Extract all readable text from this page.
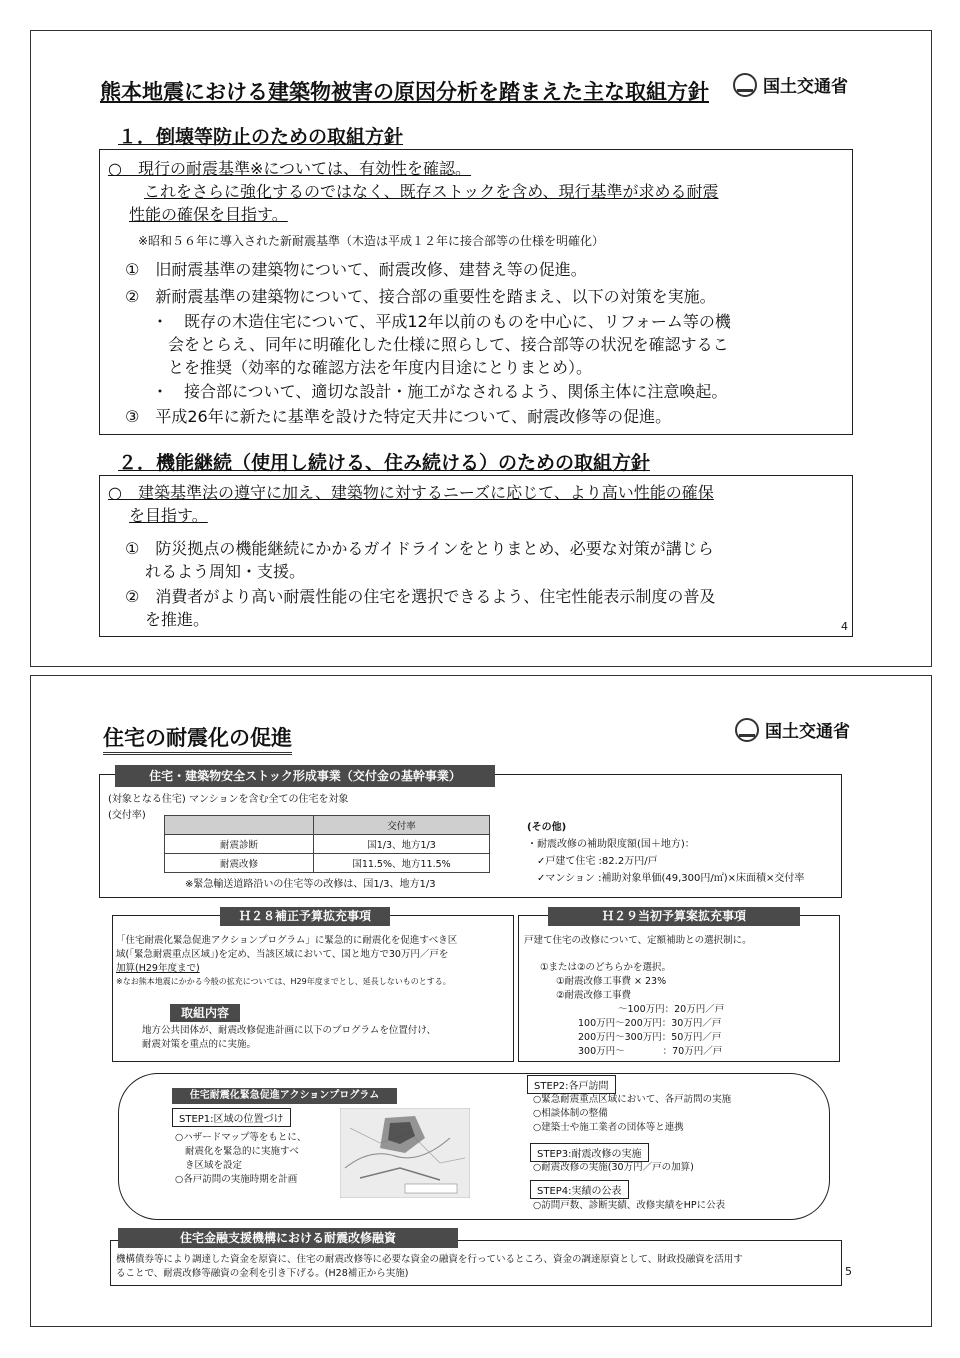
熊本地震における建築物被害の原因分析を踏まえた主な取組方針	国土交通省
１．倒壊等防止のための取組方針
○　現行の耐震基準※については、有効性を確認。
これをさらに強化するのではなく、既存ストックを含め、現行基準が求める耐震
性能の確保を目指す。
※昭和５６年に導入された新耐震基準（木造は平成１２年に接合部等の仕様を明確化）
①　旧耐震基準の建築物について、耐震改修、建替え等の促進。
②　新耐震基準の建築物について、接合部の重要性を踏まえ、以下の対策を実施。
・　既存の木造住宅について、平成12年以前のものを中心に、リフォーム等の機
会をとらえ、同年に明確化した仕様に照らして、接合部等の状況を確認するこ
とを推奨（効率的な確認方法を年度内目途にとりまとめ）。
・　接合部について、適切な設計・施工がなされるよう、関係主体に注意喚起。
③　平成26年に新たに基準を設けた特定天井について、耐震改修等の促進。
２．機能継続（使用し続ける、住み続ける）のための取組方針
○　建築基準法の遵守に加え、建築物に対するニーズに応じて、より高い性能の確保
を目指す。
①　防災拠点の機能継続にかかるガイドラインをとりまとめ、必要な対策が講じら
れるよう周知・支援。
②　消費者がより高い耐震性能の住宅を選択できるよう、住宅性能表示制度の普及
を推進。	4
住宅の耐震化の促進	国土交通省
住宅・建築物安全ストック形成事業（交付金の基幹事業）
(対象となる住宅) マンションを含む全ての住宅を対象
(交付率)
	交付率
耐震診断	国1/3、地方1/3
耐震改修	国11.5%、地方11.5%
※緊急輸送道路沿いの住宅等の改修は、国1/3、地方1/3
(その他)
・耐震改修の補助限度額(国＋地方)：
✓戸建て住宅 :82.2万円/戸
✓マンション :補助対象単価(49,300円/㎡)×床面積×交付率
Ｈ２８補正予算拡充事項
「住宅耐震化緊急促進アクションプログラム」に緊急的に耐震化を促進すべき区
域(「緊急耐震重点区域」)を定め、当該区域において、国と地方で30万円／戸を
加算(H29年度まで)
※なお熊本地震にかかる今般の拡充については、H29年度までとし、延長しないものとする。
取組内容
地方公共団体が、耐震改修促進計画に以下のプログラムを位置付け、
耐震対策を重点的に実施。
Ｈ２９当初予算案拡充事項
戸建て住宅の改修について、定額補助との選択制に。
①または②のどちらかを選択。
①耐震改修工事費 × 23%
②耐震改修工事費
～100万円：20万円／戸
100万円～200万円：30万円／戸
200万円～300万円：50万円／戸
300万円～　　　　：70万円／戸
住宅耐震化緊急促進アクションプログラム
STEP1:区域の位置づけ
○ハザードマップ等をもとに、
耐震化を緊急的に実施すべ
き区域を設定
○各戸訪問の実施時期を計画
STEP2:各戸訪問
○緊急耐震重点区域において、各戸訪問の実施
○相談体制の整備
○建築士や施工業者の団体等と連携
STEP3:耐震改修の実施
○耐震改修の実施(30万円／戸の加算)
STEP4:実績の公表
○訪問戸数、診断実績、改修実績をHPに公表
住宅金融支援機構における耐震改修融資
機構債券等により調達した資金を原資に、住宅の耐震改修等に必要な資金の融資を行っているところ、資金の調達原資として、財政投融資を活用す
ることで、耐震改修等融資の金利を引き下げる。(H28補正から実施)	5
